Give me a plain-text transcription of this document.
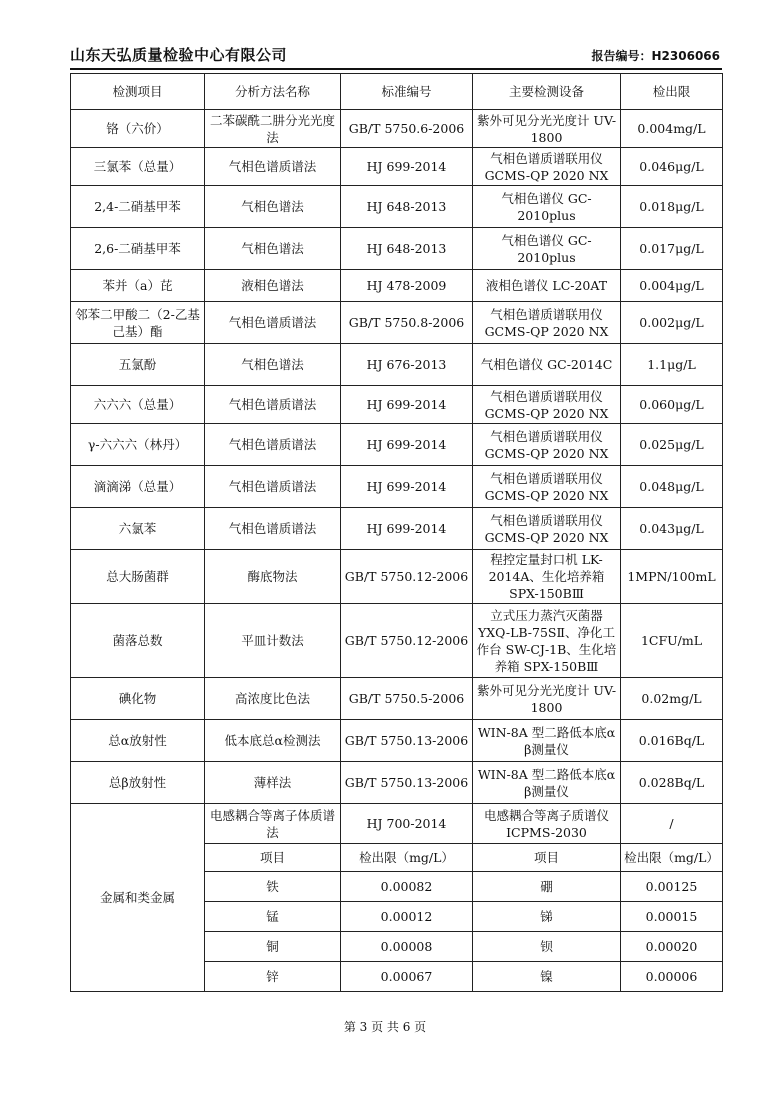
山东天弘质量检验中心有限公司	报告编号：H2306066
检测项目	分析方法名称	标准编号	主要检测设备	检出限
铬（六价）	二苯碳酰二肼分光光度法	GB/T 5750.6-2006	紫外可见分光光度计 UV-1800	0.004mg/L
三氯苯（总量）	气相色谱质谱法	HJ 699-2014	气相色谱质谱联用仪 GCMS-QP 2020 NX	0.046μg/L
2,4-二硝基甲苯	气相色谱法	HJ 648-2013	气相色谱仪 GC-2010plus	0.018μg/L
2,6-二硝基甲苯	气相色谱法	HJ 648-2013	气相色谱仪 GC-2010plus	0.017μg/L
苯并（a）芘	液相色谱法	HJ 478-2009	液相色谱仪 LC-20AT	0.004μg/L
邻苯二甲酸二（2-乙基己基）酯	气相色谱质谱法	GB/T 5750.8-2006	气相色谱质谱联用仪 GCMS-QP 2020 NX	0.002μg/L
五氯酚	气相色谱法	HJ 676-2013	气相色谱仪 GC-2014C	1.1μg/L
六六六（总量）	气相色谱质谱法	HJ 699-2014	气相色谱质谱联用仪 GCMS-QP 2020 NX	0.060μg/L
γ-六六六（林丹）	气相色谱质谱法	HJ 699-2014	气相色谱质谱联用仪 GCMS-QP 2020 NX	0.025μg/L
滴滴涕（总量）	气相色谱质谱法	HJ 699-2014	气相色谱质谱联用仪 GCMS-QP 2020 NX	0.048μg/L
六氯苯	气相色谱质谱法	HJ 699-2014	气相色谱质谱联用仪 GCMS-QP 2020 NX	0.043μg/L
总大肠菌群	酶底物法	GB/T 5750.12-2006	程控定量封口机 LK-2014A、生化培养箱 SPX-150BⅢ	1MPN/100mL
菌落总数	平皿计数法	GB/T 5750.12-2006	立式压力蒸汽灭菌器 YXQ-LB-75SⅡ、净化工作台 SW-CJ-1B、生化培养箱 SPX-150BⅢ	1CFU/mL
碘化物	高浓度比色法	GB/T 5750.5-2006	紫外可见分光光度计 UV-1800	0.02mg/L
总α放射性	低本底总α检测法	GB/T 5750.13-2006	WIN-8A 型二路低本底α β测量仪	0.016Bq/L
总β放射性	薄样法	GB/T 5750.13-2006	WIN-8A 型二路低本底α β测量仪	0.028Bq/L
金属和类金属	电感耦合等离子体质谱法	HJ 700-2014	电感耦合等离子质谱仪 ICPMS-2030	/
	项目	检出限（mg/L）	项目	检出限（mg/L）
	铁	0.00082	硼	0.00125
	锰	0.00012	锑	0.00015
	铜	0.00008	钡	0.00020
	锌	0.00067	镍	0.00006
第 3 页 共 6 页
